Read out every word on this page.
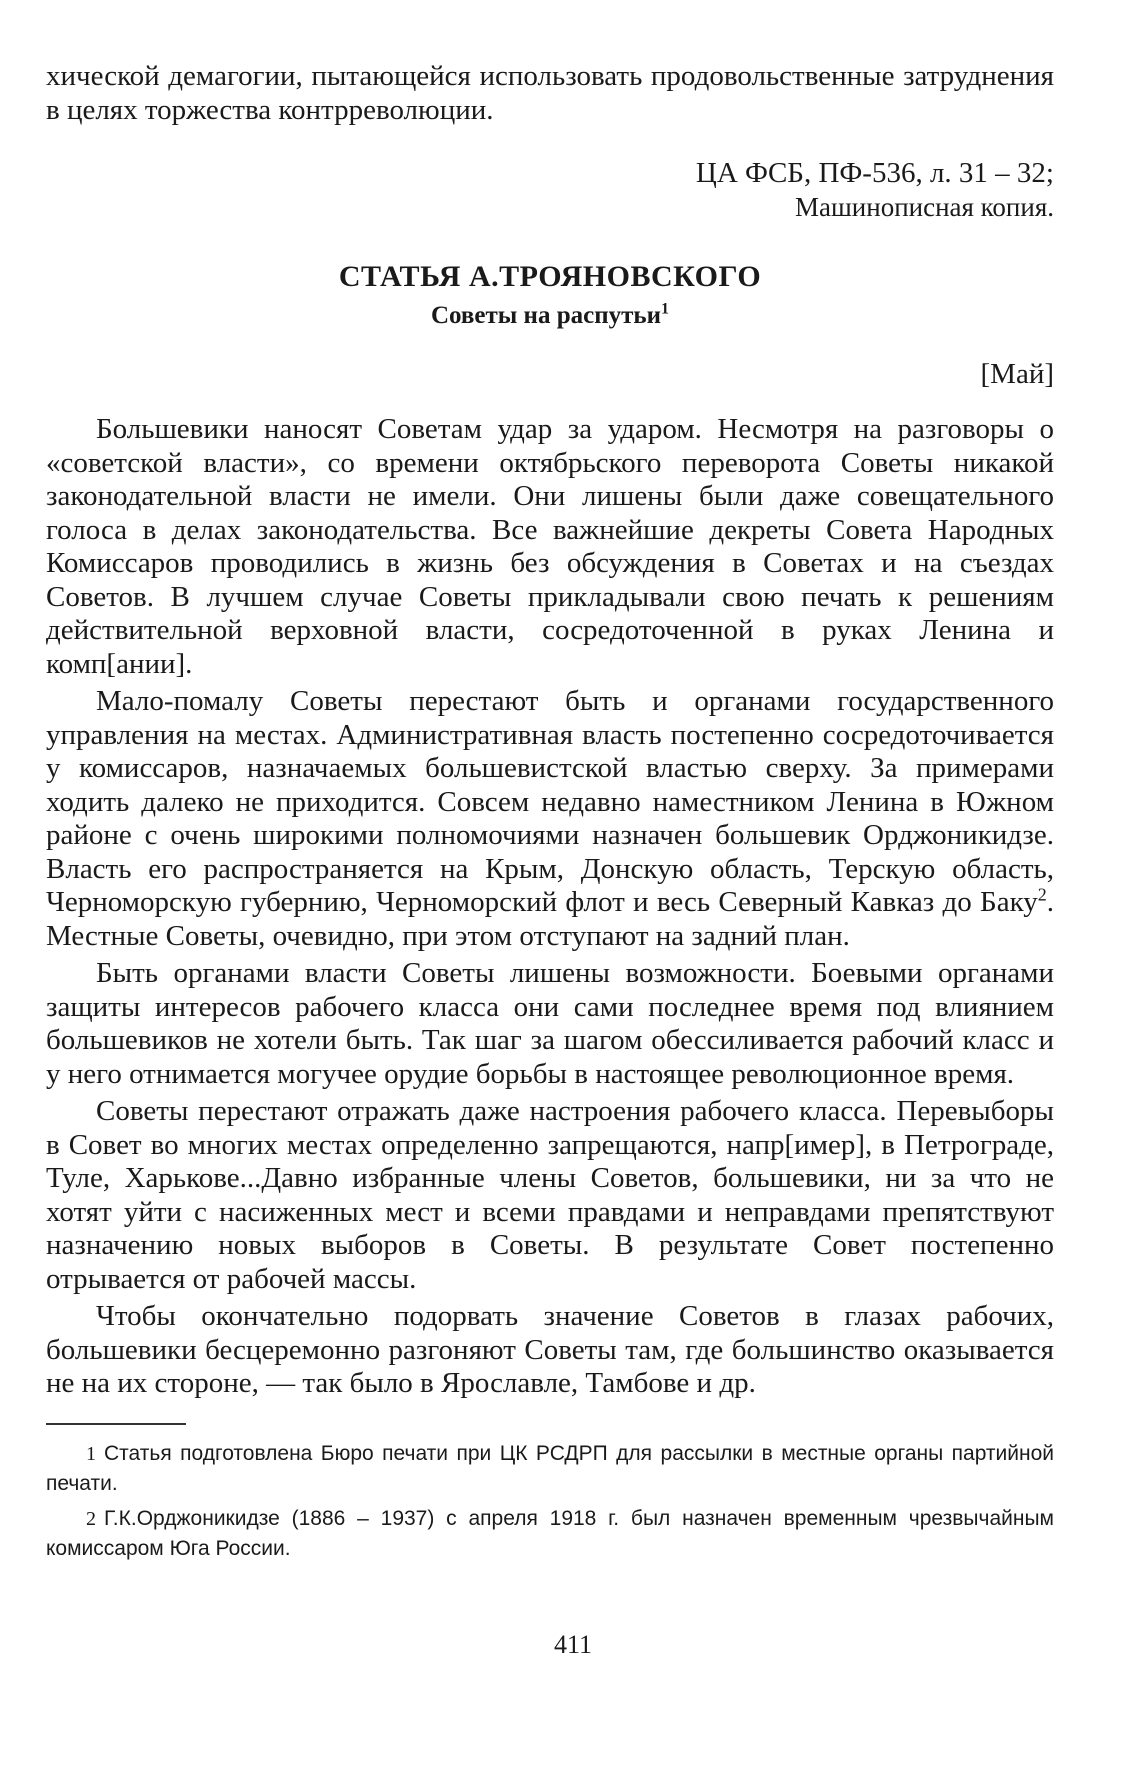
хической демагогии, пытающейся использовать продовольственные затруднения в целях торжества контрреволюции.

ЦА ФСБ, ПФ-536, л. 31 – 32;
Машинописная копия.
СТАТЬЯ А.ТРОЯНОВСКОГО
Советы на распутьи$^1$
[Май]

Большевики наносят Советам удар за ударом. Несмотря на разговоры о «советской власти», со времени октябрьского переворота Советы никакой законодательной власти не имели. Они лишены были даже совещательного голоса в делах законодательства. Все важнейшие декреты Совета Народных Комиссаров проводились в жизнь без обсуждения в Советах и на съездах Советов. В лучшем случае Советы прикладывали свою печать к решениям действительной верховной власти, сосредоточенной в руках Ленина и комп[ании].

Мало-помалу Советы перестают быть и органами государственного управления на местах. Административная власть постепенно сосредоточивается у комиссаров, назначаемых большевистской властью сверху. За примерами ходить далеко не приходится. Совсем недавно наместником Ленина в Южном районе с очень широкими полномочиями назначен большевик Орджоникидзе. Власть его распространяется на Крым, Донскую область, Терскую область, Черноморскую губернию, Черноморский флот и весь Северный Кавказ до Баку$^2$. Местные Советы, очевидно, при этом отступают на задний план.

Быть органами власти Советы лишены возможности. Боевыми органами защиты интересов рабочего класса они сами последнее время под влиянием большевиков не хотели быть. Так шаг за шагом обессиливается рабочий класс и у него отнимается могучее орудие борьбы в настоящее революционное время.

Советы перестают отражать даже настроения рабочего класса. Перевыборы в Совет во многих местах определенно запрещаются, напр[имер], в Петрограде, Туле, Харькове...Давно избранные члены Советов, большевики, ни за что не хотят уйти с насиженных мест и всеми правдами и неправдами препятствуют назначению новых выборов в Советы. В результате Совет постепенно отрывается от рабочей массы.

Чтобы окончательно подорвать значение Советов в глазах рабочих, большевики бесцеремонно разгоняют Советы там, где большинство оказывается не на их стороне, — так было в Ярославле, Тамбове и др.

1 Статья подготовлена Бюро печати при ЦК РСДРП для рассылки в местные органы партийной печати.

2 Г.К.Орджоникидзе (1886 – 1937) с апреля 1918 г. был назначен временным чрезвычайным комиссаром Юга России.

411
